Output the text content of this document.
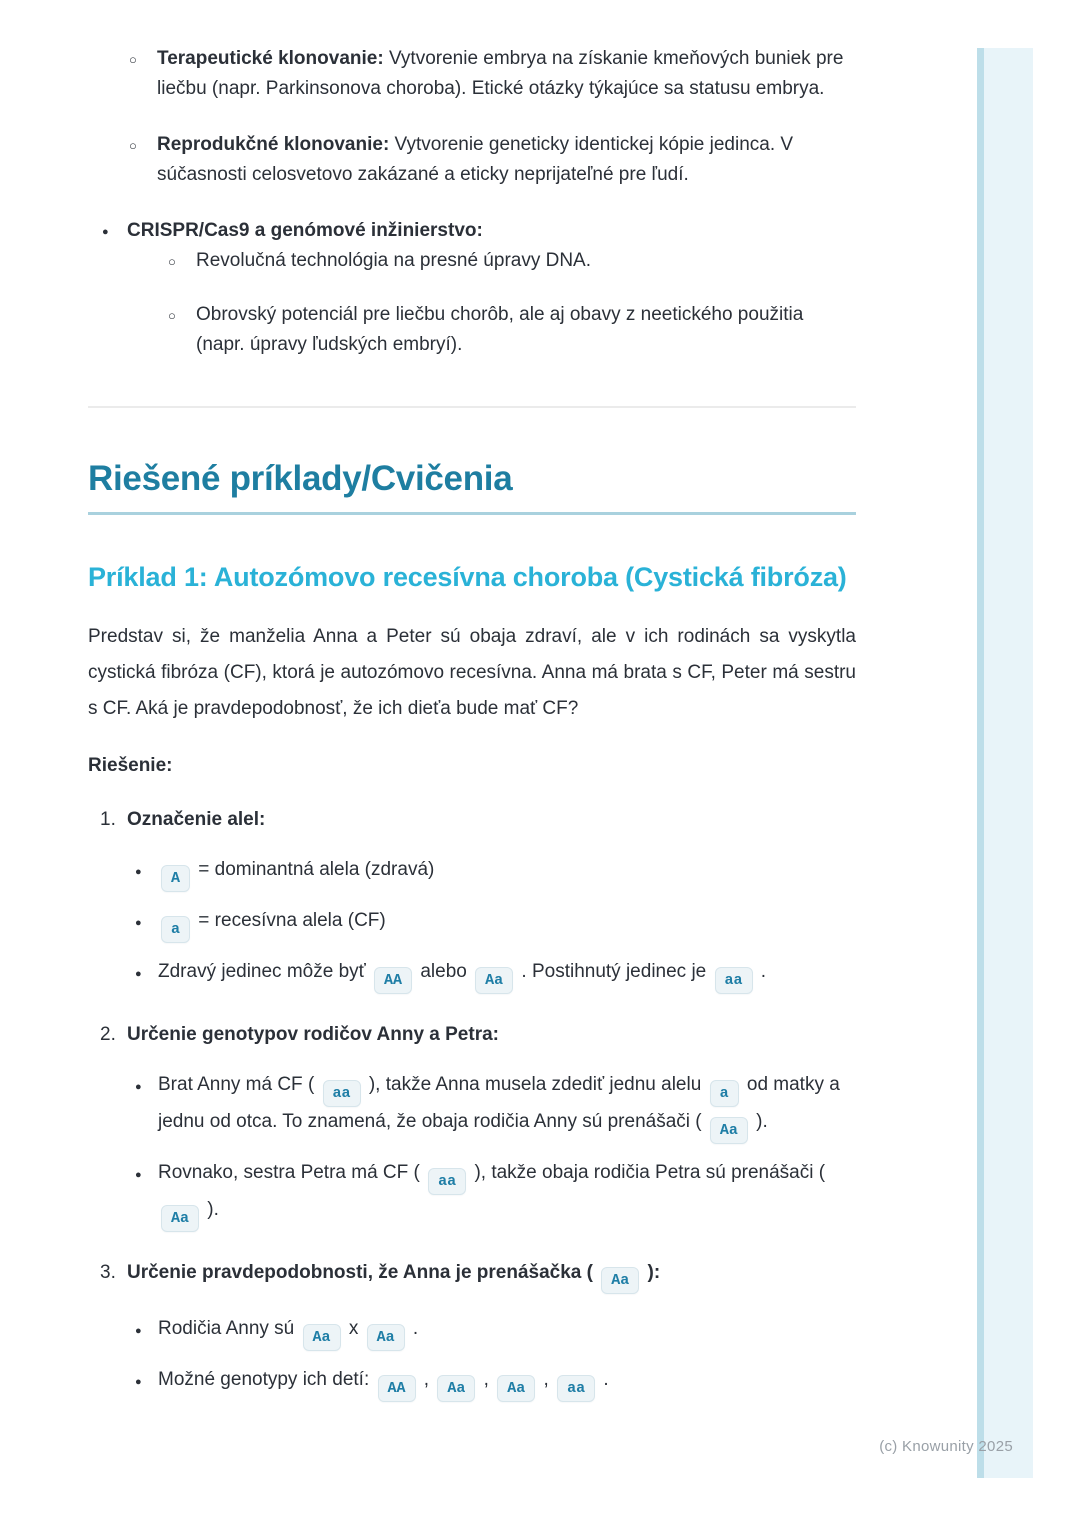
○ Terapeutické klonovanie: Vytvorenie embrya na získanie kmeňových buniek pre liečbu (napr. Parkinsonova choroba). Etické otázky týkajúce sa statusu embrya.
○ Reprodukčné klonovanie: Vytvorenie geneticky identickej kópie jedinca. V súčasnosti celosvetovo zakázané a eticky neprijateľné pre ľudí.
● CRISPR/Cas9 a genómové inžinierstvo:
○ Revolučná technológia na presné úpravy DNA.
○ Obrovský potenciál pre liečbu chorôb, ale aj obavy z neetického použitia (napr. úpravy ľudských embryí).
Riešené príklady/Cvičenia
Príklad 1: Autozómovo recesívna choroba (Cystická fibróza)

Predstav si, že manželia Anna a Peter sú obaja zdraví, ale v ich rodinách sa vyskytla cystická fibróza (CF), ktorá je autozómovo recesívna. Anna má brata s CF, Peter má sestru s CF. Aká je pravdepodobnosť, že ich dieťa bude mať CF?

Riešenie:

1. Označenie alel:
● A = dominantná alela (zdravá)
● a = recesívna alela (CF)
● Zdravý jedinec môže byť AA alebo Aa . Postihnutý jedinec je aa .
2. Určenie genotypov rodičov Anny a Petra:
● Brat Anny má CF ( aa ), takže Anna musela zdediť jednu alelu a od matky a jednu od otca. To znamená, že obaja rodičia Anny sú prenášači ( Aa ).
● Rovnako, sestra Petra má CF ( aa ), takže obaja rodičia Petra sú prenášači ( Aa ).
3. Určenie pravdepodobnosti, že Anna je prenášačka ( Aa ):
● Rodičia Anny sú Aa x Aa .
● Možné genotypy ich detí: AA , Aa , Aa , aa .
(c) Knowunity 2025
